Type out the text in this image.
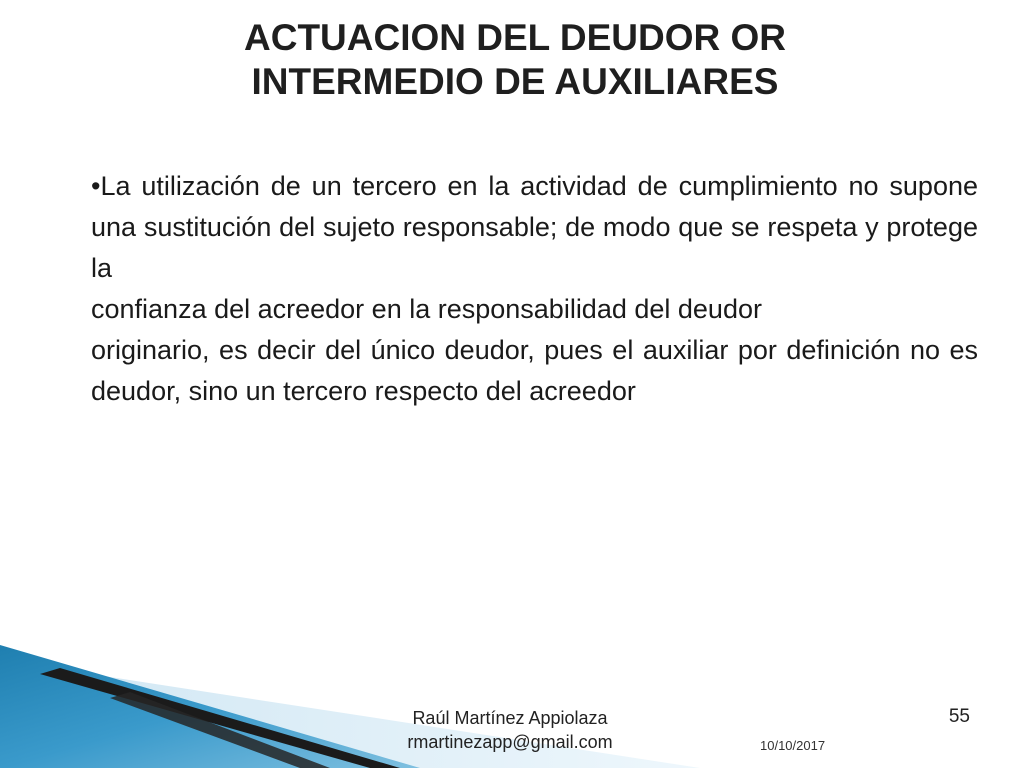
ACTUACION DEL DEUDOR OR
INTERMEDIO DE AUXILIARES
•La utilización de un tercero en la actividad de cumplimiento no supone una sustitución del sujeto responsable; de modo que se respeta y protege la
confianza del acreedor en la responsabilidad del deudor
originario, es decir del único deudor, pues el auxiliar por definición no es deudor, sino un tercero respecto del acreedor
Raúl Martínez Appiolaza
rmartinezapp@gmail.com	10/10/2017
55
